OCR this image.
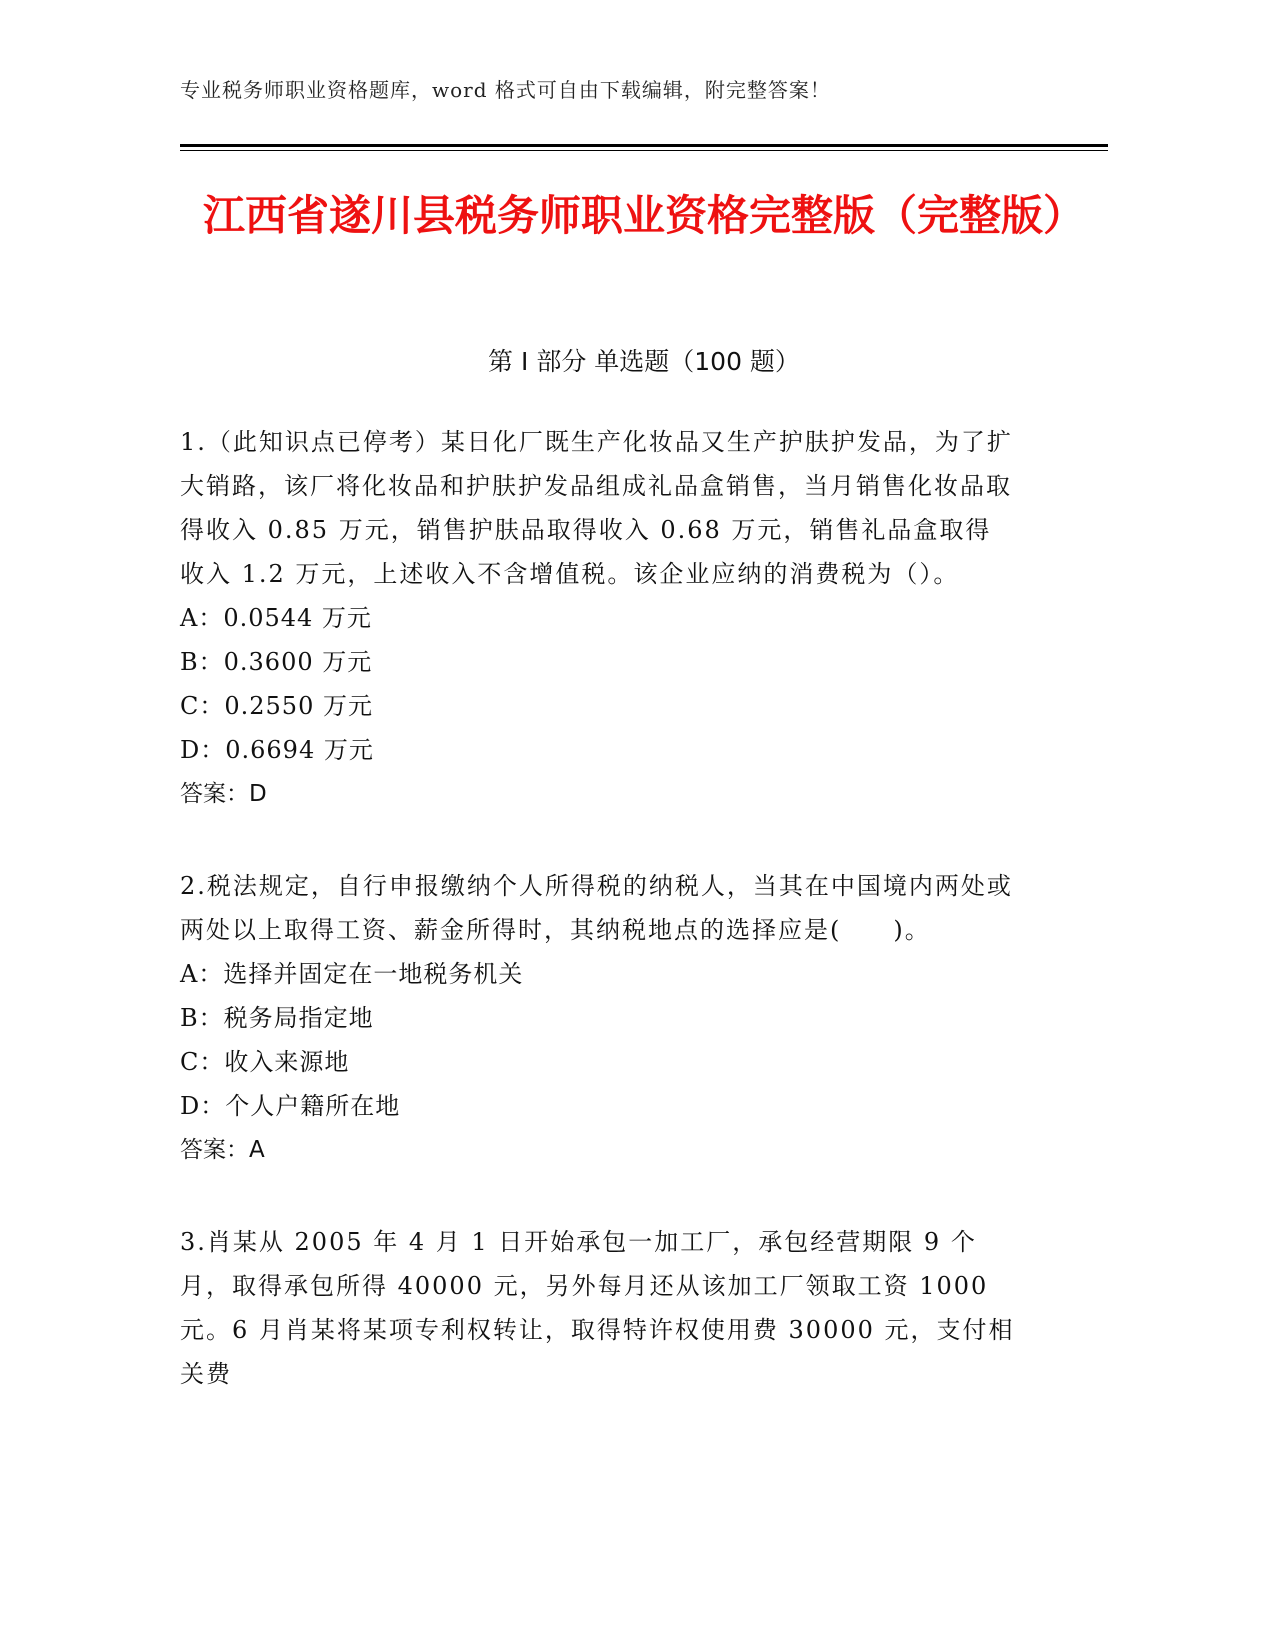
专业税务师职业资格题库，word 格式可自由下载编辑，附完整答案！
江西省遂川县税务师职业资格完整版（完整版）
第 I 部分 单选题（100 题）
1.（此知识点已停考）某日化厂既生产化妆品又生产护肤护发品，为了扩大销路，该厂将化妆品和护肤护发品组成礼品盒销售，当月销售化妆品取得收入 0.85 万元，销售护肤品取得收入 0.68 万元，销售礼品盒取得收入 1.2 万元，上述收入不含增值税。该企业应纳的消费税为（）。
A：0.0544 万元
B：0.3600 万元
C：0.2550 万元
D：0.6694 万元
答案：D
2.税法规定，自行申报缴纳个人所得税的纳税人，当其在中国境内两处或两处以上取得工资、薪金所得时，其纳税地点的选择应是(　　)。
A：选择并固定在一地税务机关
B：税务局指定地
C：收入来源地
D：个人户籍所在地
答案：A
3.肖某从 2005 年 4 月 1 日开始承包一加工厂，承包经营期限 9 个月，取得承包所得 40000 元，另外每月还从该加工厂领取工资 1000 元。6 月肖某将某项专利权转让，取得特许权使用费 30000 元，支付相关费
